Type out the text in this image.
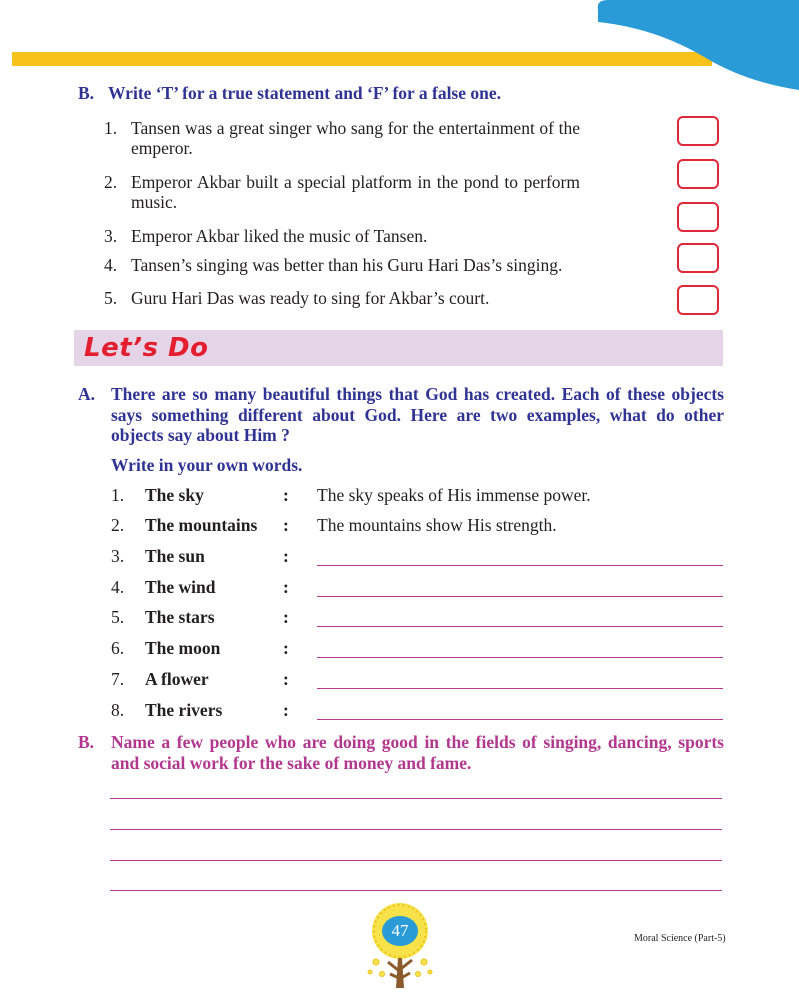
B. Write ‘T’ for a true statement and ‘F’ for a false one.
1. Tansen was a great singer who sang for the entertainment of the emperor.
2. Emperor Akbar built a special platform in the pond to perform music.
3. Emperor Akbar liked the music of Tansen.
4. Tansen’s singing was better than his Guru Hari Das’s singing.
5. Guru Hari Das was ready to sing for Akbar’s court.
Let’s Do
A. There are so many beautiful things that God has created. Each of these objects says something different about God. Here are two examples, what do other objects say about Him ?
Write in your own words.
1. The sky	: The sky speaks of His immense power.
2. The mountains : The mountains show His strength.
3. The sun	:
4. The wind	:
5. The stars	:
6. The moon	:
7. A flower	:
8. The rivers	:
B. Name a few people who are doing good in the fields of singing, dancing, sports and social work for the sake of money and fame.
47	Moral Science (Part-5)
